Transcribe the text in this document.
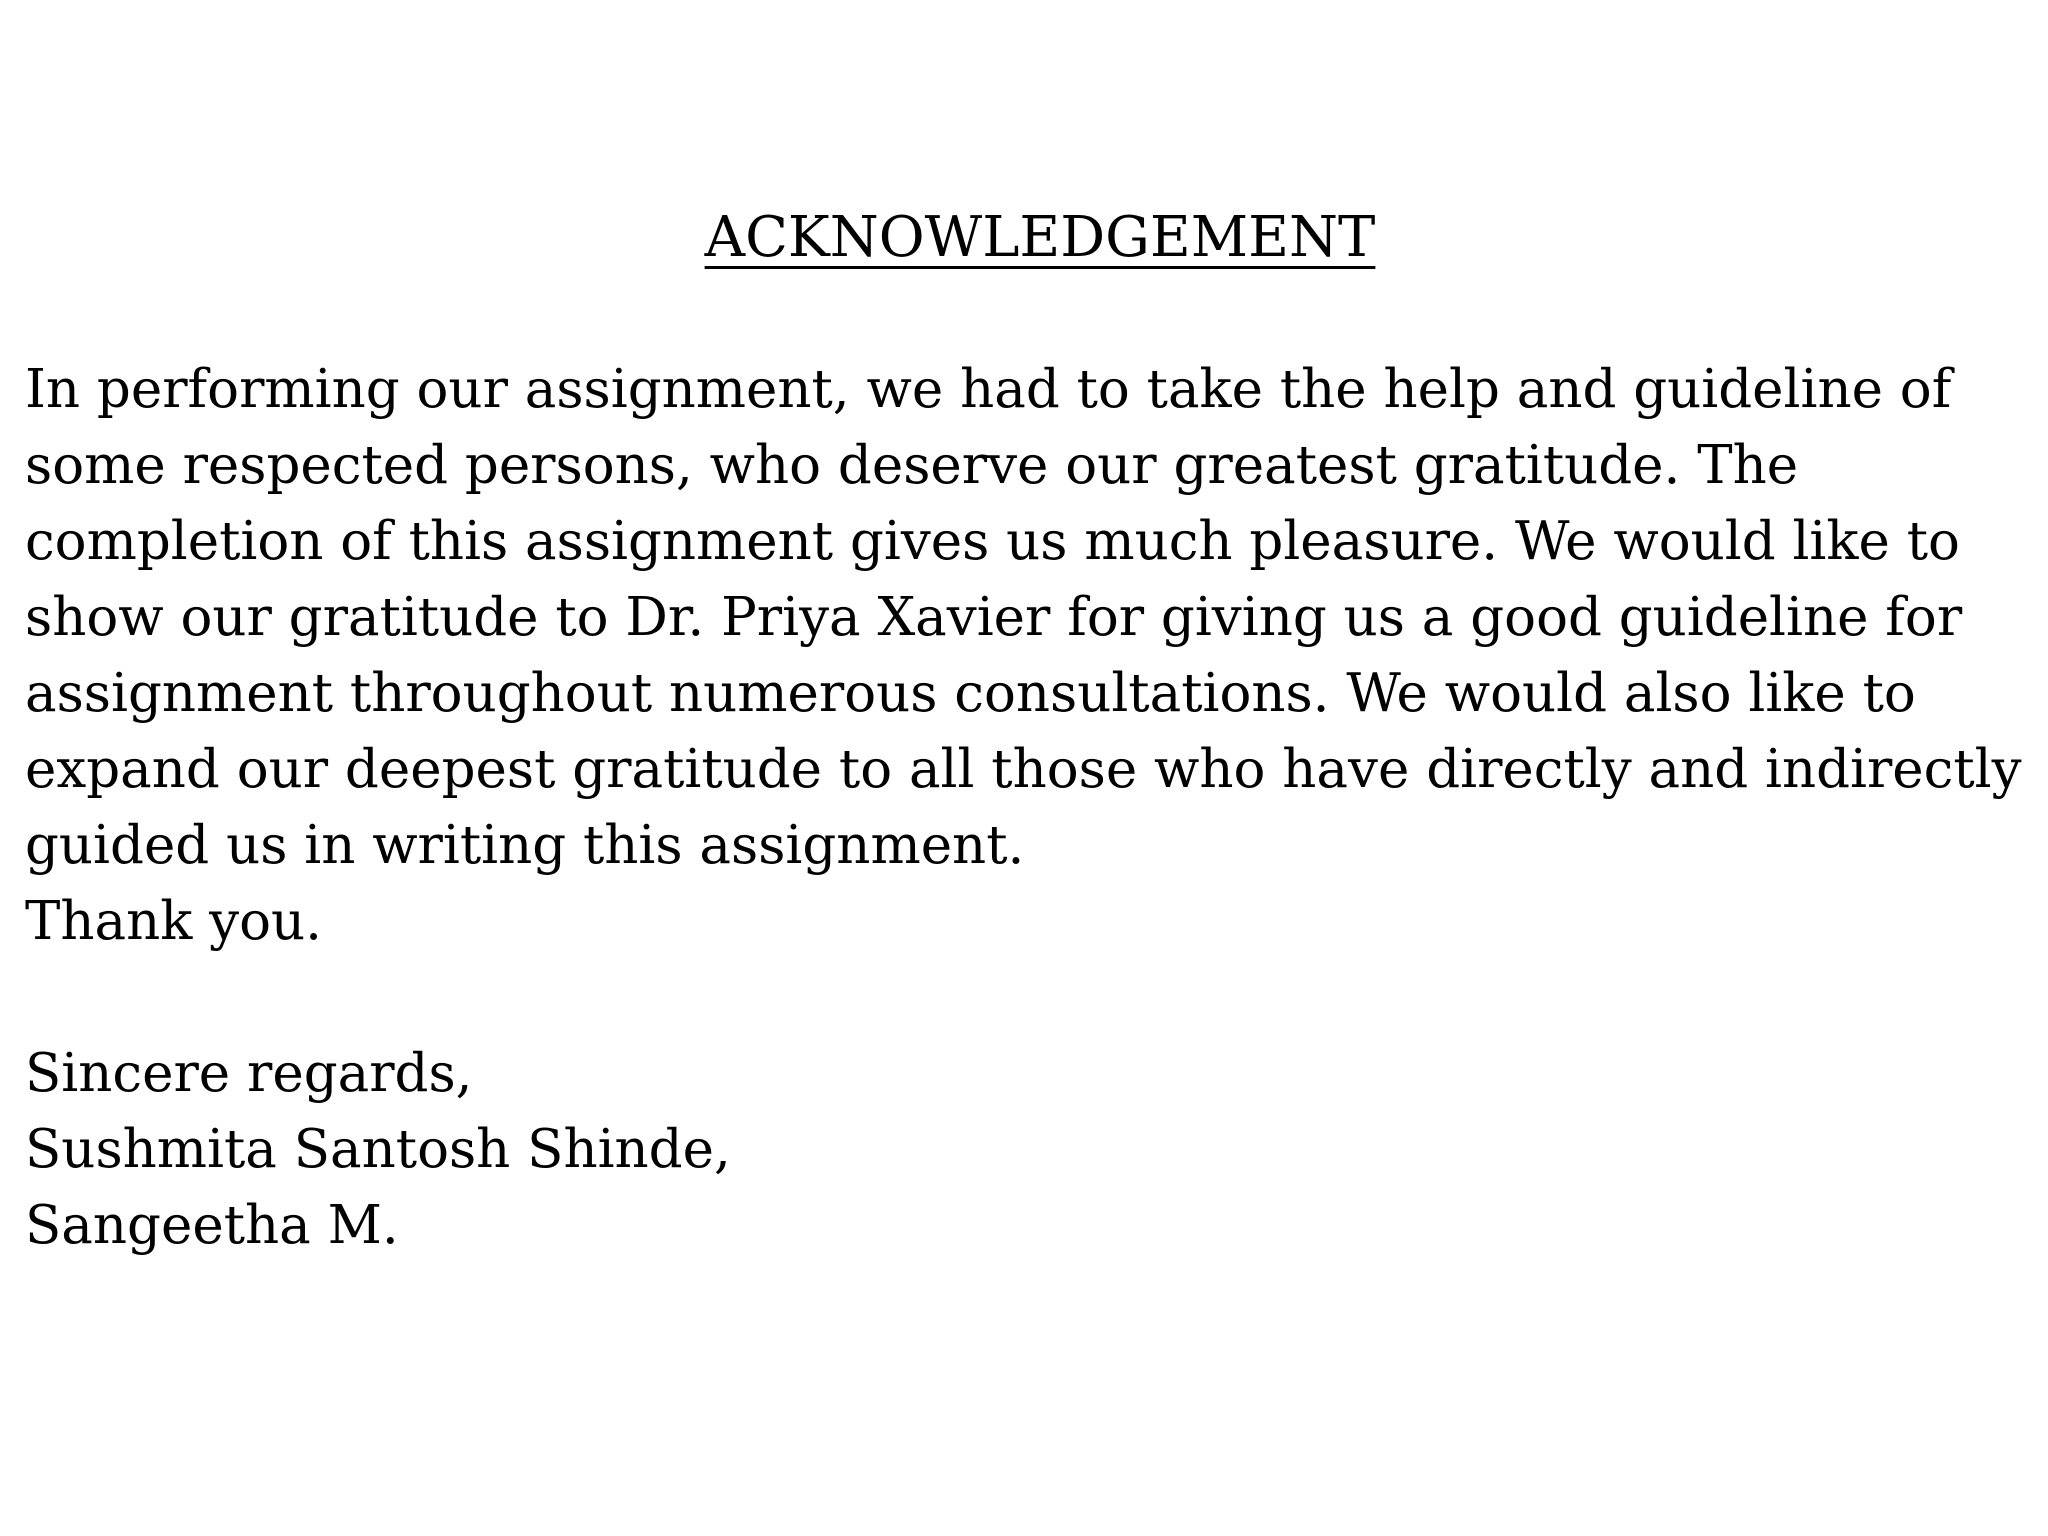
ACKNOWLEDGEMENT
In performing our assignment, we had to take the help and guideline of
some respected persons, who deserve our greatest gratitude. The
completion of this assignment gives us much pleasure. We would like to
show our gratitude to Dr. Priya Xavier for giving us a good guideline for
assignment throughout numerous consultations. We would also like to
expand our deepest gratitude to all those who have directly and indirectly
guided us in writing this assignment.
Thank you.
Sincere regards,
Sushmita Santosh Shinde,
Sangeetha M.
